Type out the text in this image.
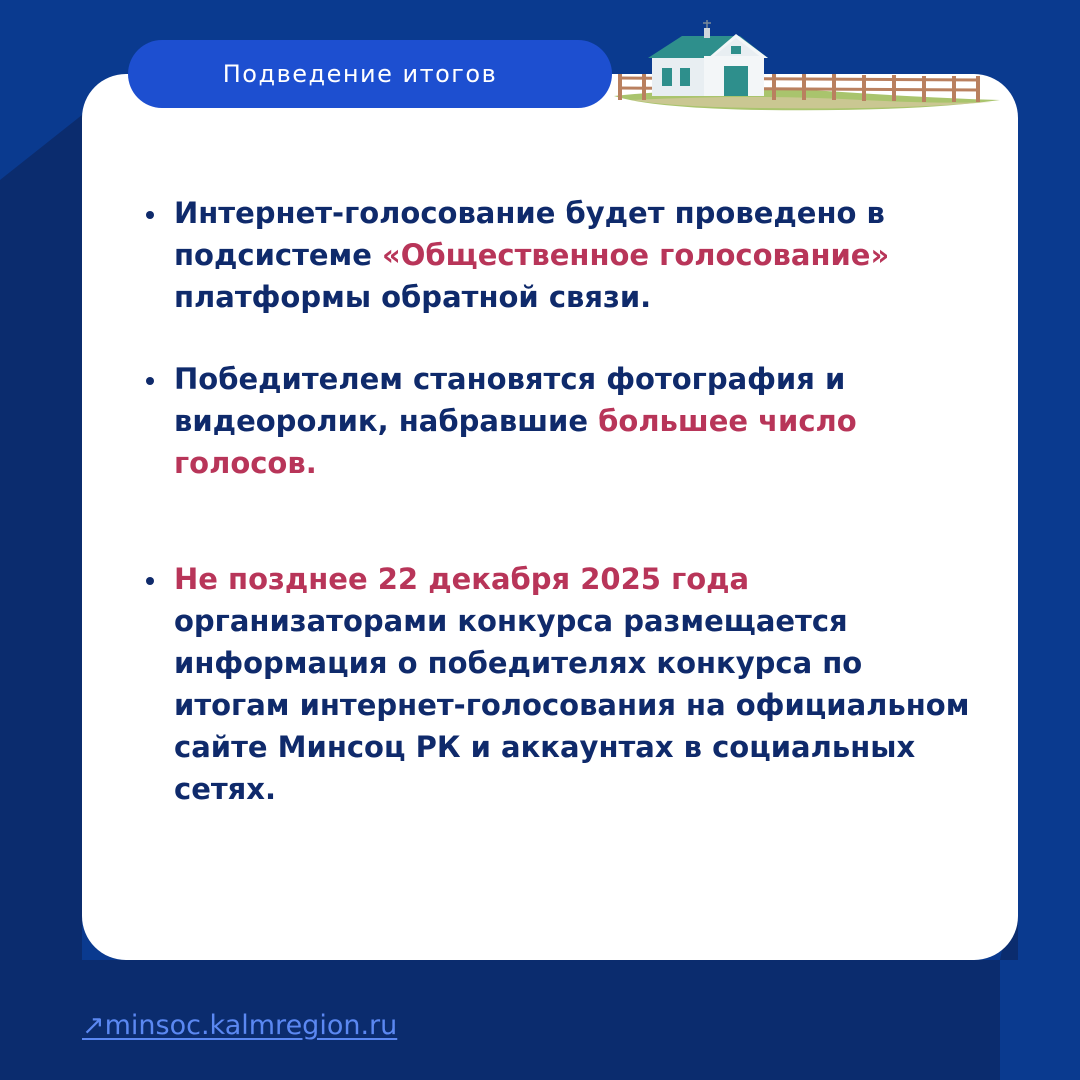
Подведение итогов
Интернет-голосование будет проведено в подсистеме «Общественное голосование» платформы обратной связи.
Победителем становятся фотография и видеоролик, набравшие большее число голосов.
Не позднее 22 декабря 2025 года организаторами конкурса размещается информация о победителях конкурса по итогам интернет-голосования на официальном сайте Минсоц РК и аккаунтах в социальных сетях.
↗minsoc.kalmregion.ru
